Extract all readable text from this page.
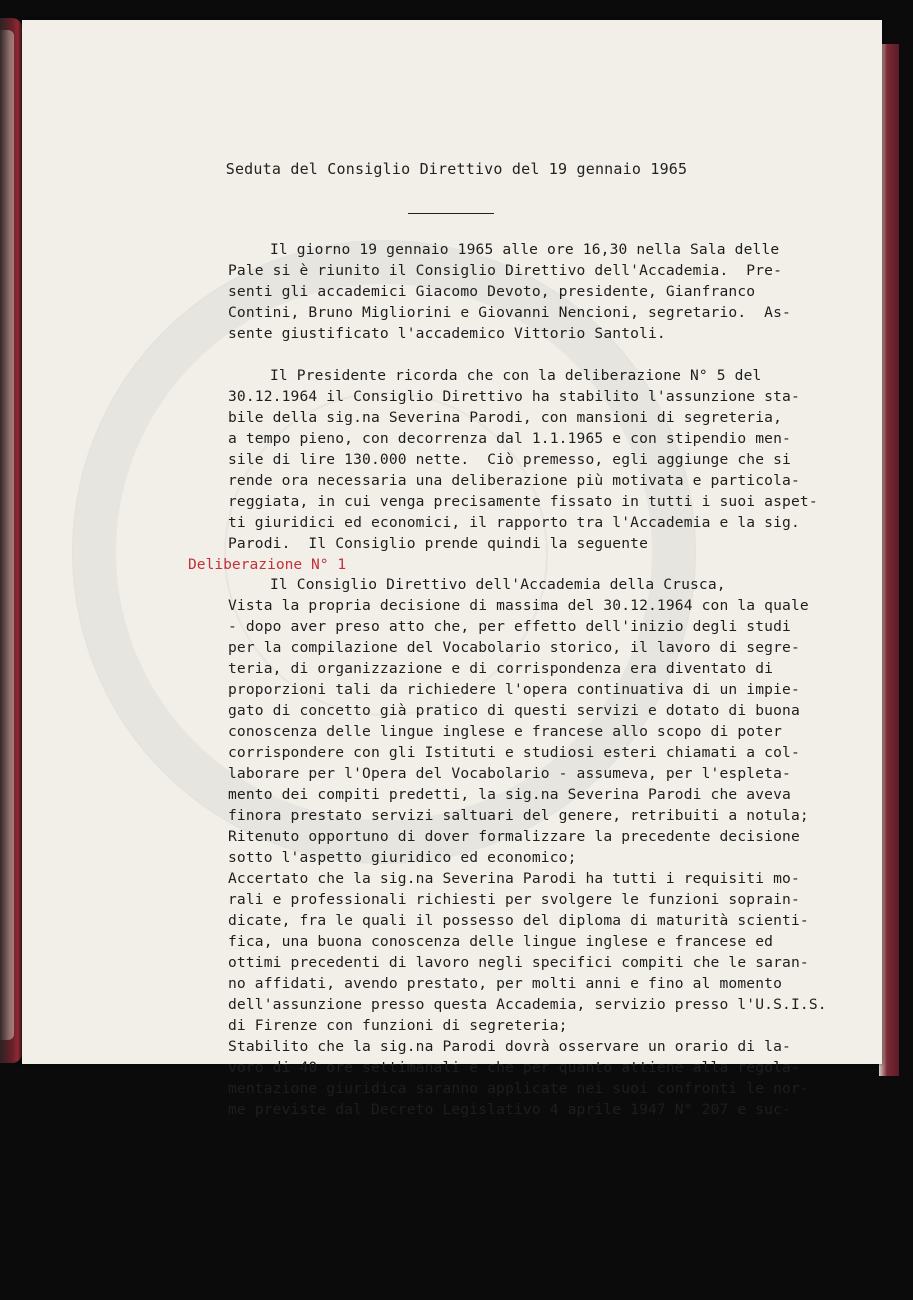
Seduta del Consiglio Direttivo del 19 gennaio 1965
Deliberazione N° 1
Il giorno 19 gennaio 1965 alle ore 16,30 nella Sala delle
Pale si è riunito il Consiglio Direttivo dell'Accademia.  Pre-
senti gli accademici Giacomo Devoto, presidente, Gianfranco
Contini, Bruno Migliorini e Giovanni Nencioni, segretario.  As-
sente giustificato l'accademico Vittorio Santoli.
Il Presidente ricorda che con la deliberazione N° 5 del
30.12.1964 il Consiglio Direttivo ha stabilito l'assunzione sta-
bile della sig.na Severina Parodi, con mansioni di segreteria,
a tempo pieno, con decorrenza dal 1.1.1965 e con stipendio men-
sile di lire 130.000 nette.  Ciò premesso, egli aggiunge che si
rende ora necessaria una deliberazione più motivata e particola-
reggiata, in cui venga precisamente fissato in tutti i suoi aspet-
ti giuridici ed economici, il rapporto tra l'Accademia e la sig.
Parodi.  Il Consiglio prende quindi la seguente
Il Consiglio Direttivo dell'Accademia della Crusca,
Vista la propria decisione di massima del 30.12.1964 con la quale
- dopo aver preso atto che, per effetto dell'inizio degli studi
per la compilazione del Vocabolario storico, il lavoro di segre-
teria, di organizzazione e di corrispondenza era diventato di
proporzioni tali da richiedere l'opera continuativa di un impie-
gato di concetto già pratico di questi servizi e dotato di buona
conoscenza delle lingue inglese e francese allo scopo di poter
corrispondere con gli Istituti e studiosi esteri chiamati a col-
laborare per l'Opera del Vocabolario - assumeva, per l'espleta-
mento dei compiti predetti, la sig.na Severina Parodi che aveva
finora prestato servizi saltuari del genere, retribuiti a notula;
Ritenuto opportuno di dover formalizzare la precedente decisione
sotto l'aspetto giuridico ed economico;
Accertato che la sig.na Severina Parodi ha tutti i requisiti mo-
rali e professionali richiesti per svolgere le funzioni soprain-
dicate, fra le quali il possesso del diploma di maturità scienti-
fica, una buona conoscenza delle lingue inglese e francese ed
ottimi precedenti di lavoro negli specifici compiti che le saran-
no affidati, avendo prestato, per molti anni e fino al momento
dell'assunzione presso questa Accademia, servizio presso l'U.S.I.S.
di Firenze con funzioni di segreteria;
Stabilito che la sig.na Parodi dovrà osservare un orario di la-
voro di 40 ore settimanali e che per quanto attiene alla regola-
mentazione giuridica saranno applicate nei suoi confronti le nor-
me previste dal Decreto Legislativo 4 aprile 1947 N° 207 e suc-
